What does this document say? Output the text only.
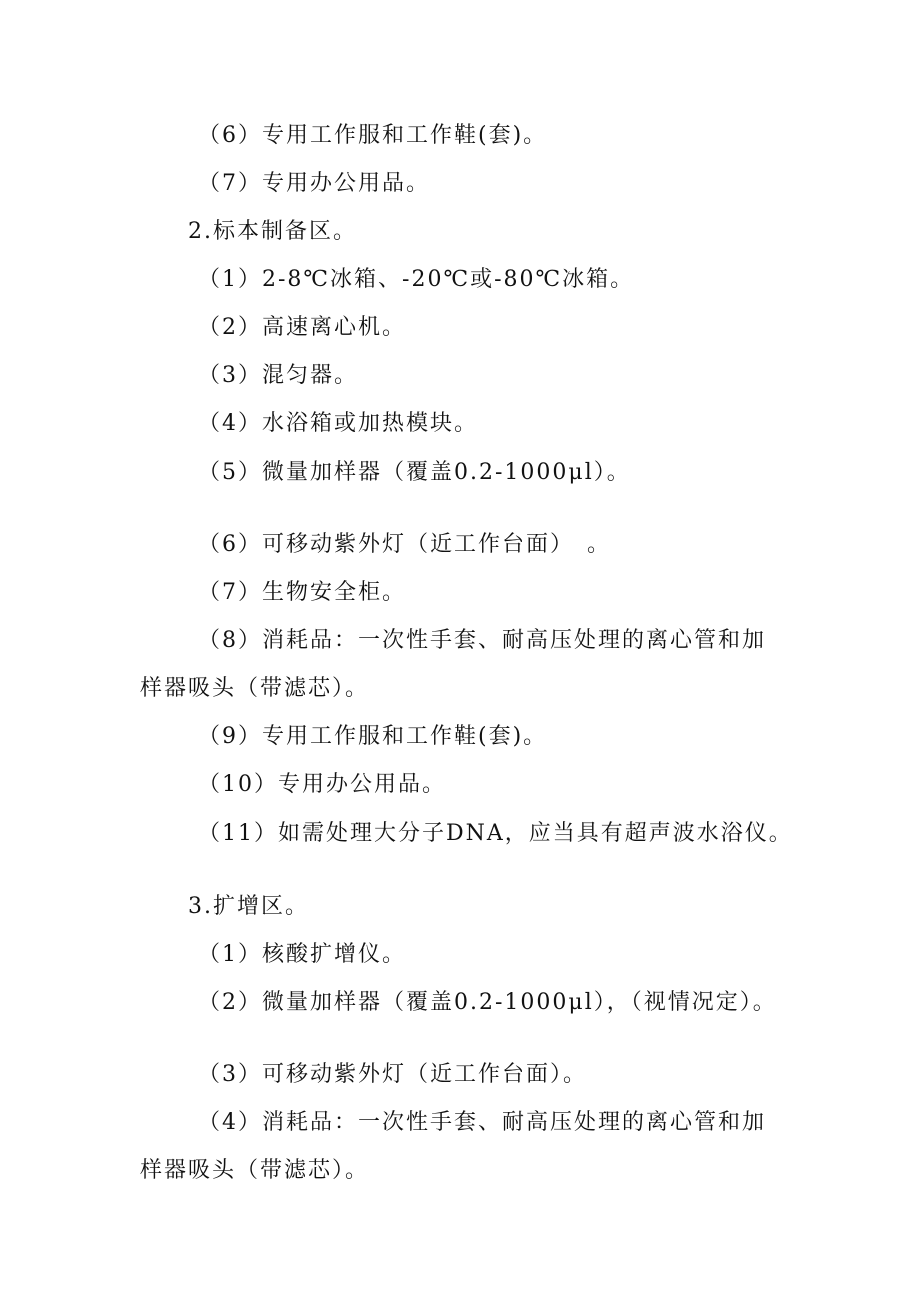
（6）专用工作服和工作鞋(套)。
（7）专用办公用品。
2.标本制备区。
（1）2-8℃冰箱、-20℃或-80℃冰箱。
（2）高速离心机。
（3）混匀器。
（4）水浴箱或加热模块。
（5）微量加样器（覆盖0.2-1000μl）。
（6）可移动紫外灯（近工作台面）　。
（7）生物安全柜。
（8）消耗品：一次性手套、耐高压处理的离心管和加
样器吸头（带滤芯）。
（9）专用工作服和工作鞋(套)。
（10）专用办公用品。
（11）如需处理大分子DNA，应当具有超声波水浴仪。
3.扩增区。
（1）核酸扩增仪。
（2）微量加样器（覆盖0.2-1000μl），（视情况定）。
（3）可移动紫外灯（近工作台面）。
（4）消耗品：一次性手套、耐高压处理的离心管和加
样器吸头（带滤芯）。
